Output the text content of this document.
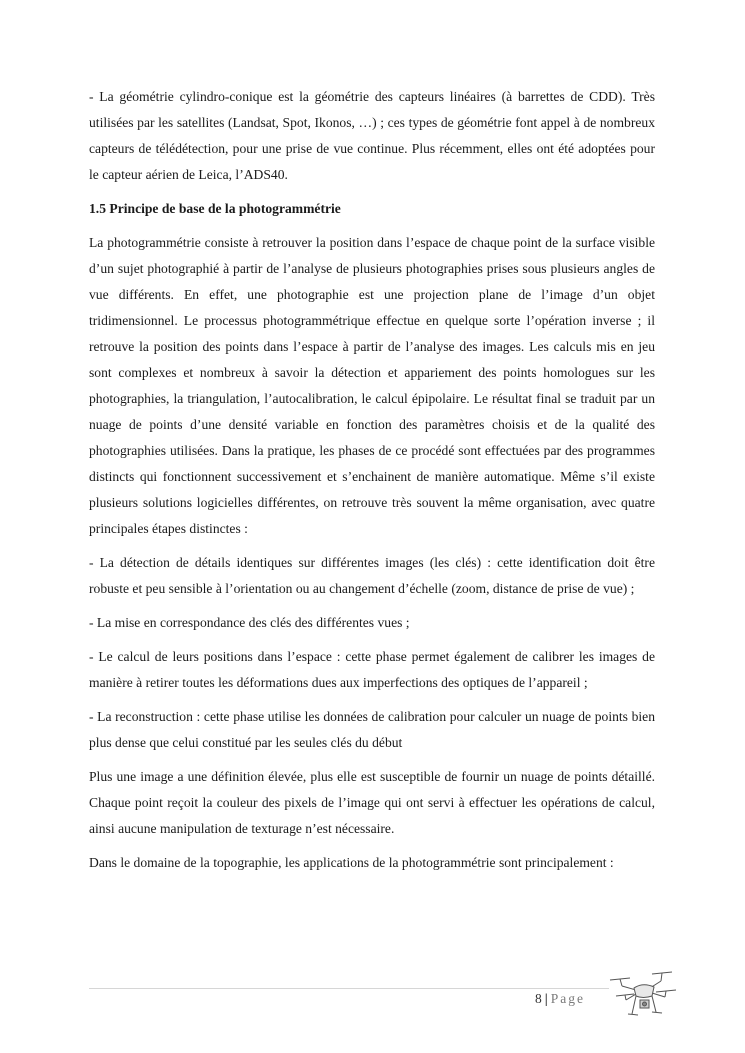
- La géométrie cylindro-conique est la géométrie des capteurs linéaires (à barrettes de CDD). Très utilisées par les satellites (Landsat, Spot, Ikonos, …) ; ces types de géométrie font appel à de nombreux capteurs de télédétection, pour une prise de vue continue. Plus récemment, elles ont été adoptées pour le capteur aérien de Leica, l’ADS40.

1.5 Principe de base de la photogrammétrie

La photogrammétrie consiste à retrouver la position dans l’espace de chaque point de la surface visible d’un sujet photographié à partir de l’analyse de plusieurs photographies prises sous plusieurs angles de vue différents. En effet, une photographie est une projection plane de l’image d’un objet tridimensionnel. Le processus photogrammétrique effectue en quelque sorte l’opération inverse ; il retrouve la position des points dans l’espace à partir de l’analyse des images. Les calculs mis en jeu sont complexes et nombreux à savoir la détection et appariement des points homologues sur les photographies, la triangulation, l’autocalibration, le calcul épipolaire. Le résultat final se traduit par un nuage de points d’une densité variable en fonction des paramètres choisis et de la qualité des photographies utilisées. Dans la pratique, les phases de ce procédé sont effectuées par des programmes distincts qui fonctionnent successivement et s’enchainent de manière automatique. Même s’il existe plusieurs solutions logicielles différentes, on retrouve très souvent la même organisation, avec quatre principales étapes distinctes :

- La détection de détails identiques sur différentes images (les clés) : cette identification doit être robuste et peu sensible à l’orientation ou au changement d’échelle (zoom, distance de prise de vue) ;

- La mise en correspondance des clés des différentes vues ;

- Le calcul de leurs positions dans l’espace : cette phase permet également de calibrer les images de manière à retirer toutes les déformations dues aux imperfections des optiques de l’appareil ;

- La reconstruction : cette phase utilise les données de calibration pour calculer un nuage de points bien plus dense que celui constitué par les seules clés du début

Plus une image a une définition élevée, plus elle est susceptible de fournir un nuage de points détaillé. Chaque point reçoit la couleur des pixels de l’image qui ont servi à effectuer les opérations de calcul, ainsi aucune manipulation de texturage n’est nécessaire.

Dans le domaine de la topographie, les applications de la photogrammétrie sont principalement :

8 | Page
